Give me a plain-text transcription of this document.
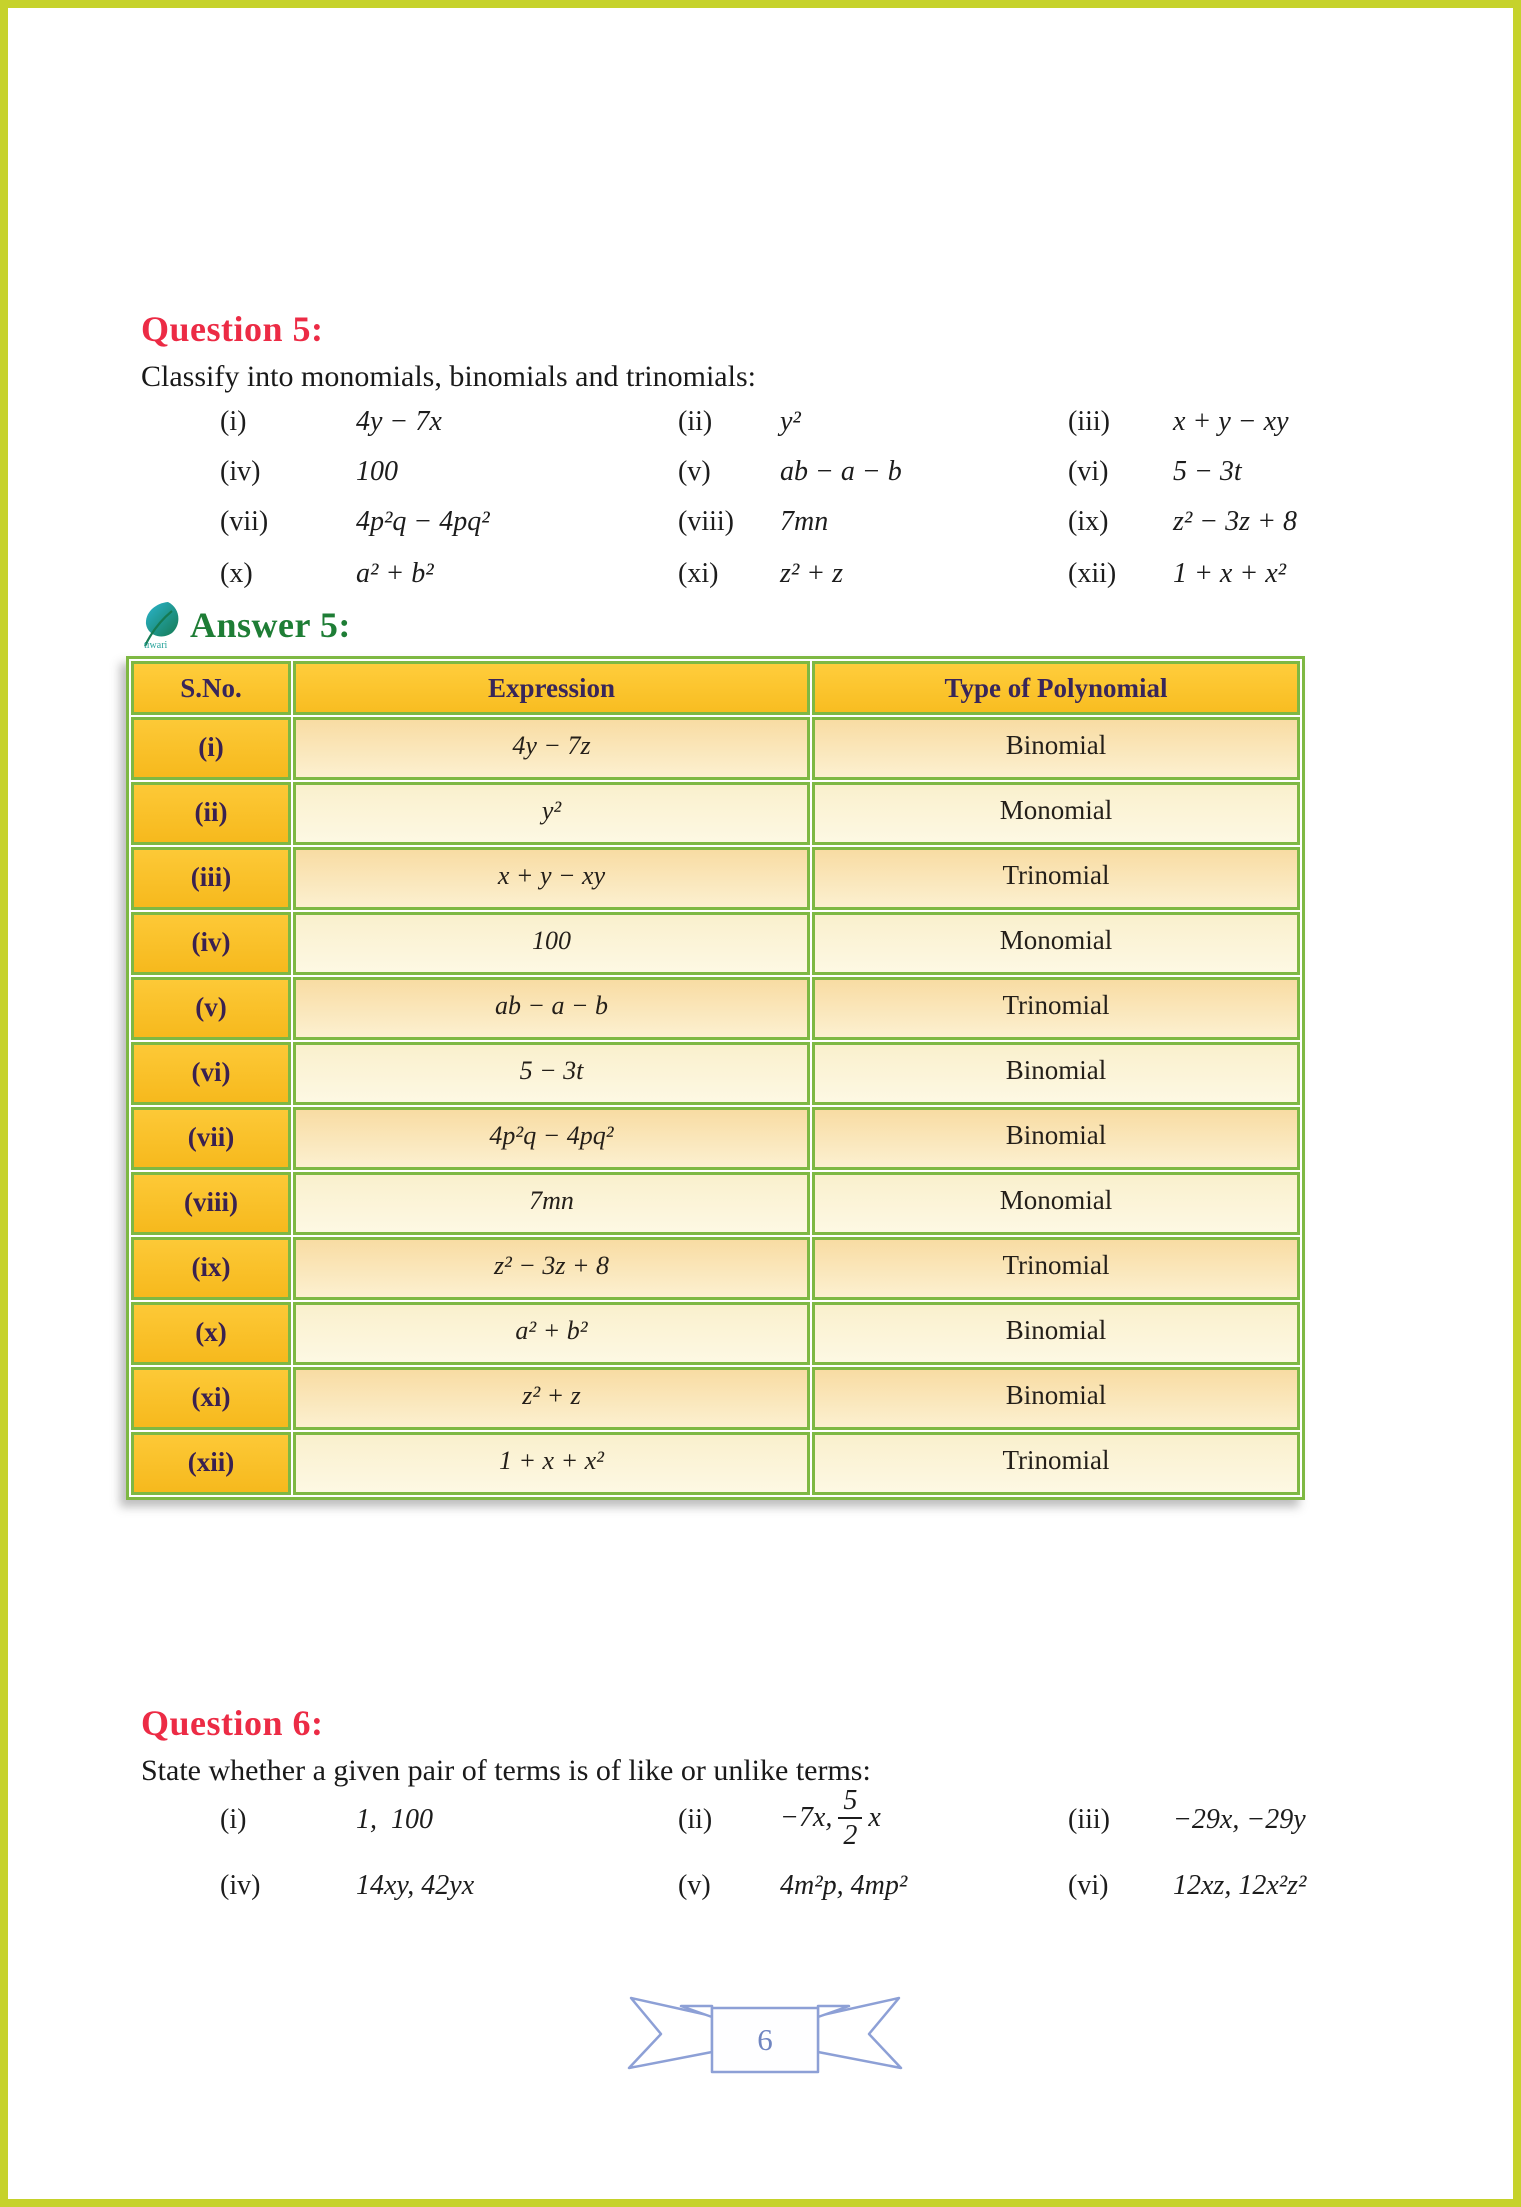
Question 5:

Classify into monomials, binomials and trinomials:

(i)	4y − 7x	(ii) y²	(iii) x + y − xy
(iv)	100	(v) ab − a − b	(vi) 5 − 3t
(vii)	4p²q − 4pq²	(viii) 7mn	(ix) z² − 3z + 8
(x)	a² + b²	(xi) z² + z	(xii) 1 + x + x²
tiwari
Answer 5:
S.No.	Expression	Type of Polynomial
(i)	4y − 7z	Binomial
(ii)	y²	Monomial
(iii)	x + y − xy	Trinomial
(iv)	100	Monomial
(v)	ab − a − b	Trinomial
(vi)	5 − 3t	Binomial
(vii)	4p²q − 4pq²	Binomial
(viii)	7mn	Monomial
(ix)	z² − 3z + 8	Trinomial
(x)	a² + b²	Binomial
(xi)	z² + z	Binomial
(xii)	1 + x + x²	Trinomial
Question 6:

State whether a given pair of terms is of like or unlike terms:

(i)	1,  100	(ii) −7x, $\frac{5}{2}$ x	(iii) −29x, −29y
(iv)	14xy, 42yx	(v) 4m²p, 4mp²	(vi) 12xz, 12x²z²
6
